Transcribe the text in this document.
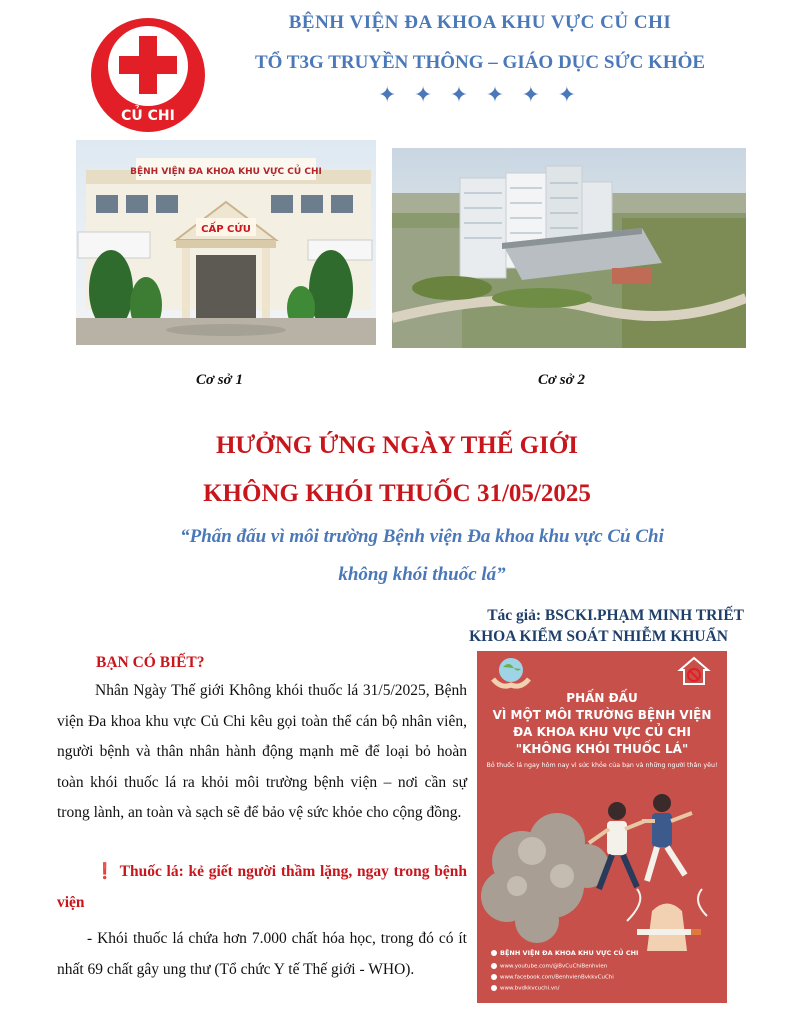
CỦ CHI
BỆNH VIỆN ĐA KHOA KHU VỰC CỦ CHI
TỔ T3G TRUYỀN THÔNG – GIÁO DỤC SỨC KHỎE
✦ ✦ ✦ ✦ ✦ ✦
BỆNH VIỆN ĐA KHOA KHU VỰC CỦ CHI
CẤP CỨU
Cơ sở 1	Cơ sở 2
HƯỞNG ỨNG NGÀY THẾ GIỚI
KHÔNG KHÓI THUỐC 31/05/2025
“Phấn đấu vì môi trường Bệnh viện Đa khoa khu vực Củ Chi
không khói thuốc lá”
Tác giả: BSCKI.PHẠM MINH TRIẾT
KHOA KIỂM SOÁT NHIỄM KHUẨN
BẠN CÓ BIẾT?
Nhân Ngày Thế giới Không khói thuốc lá 31/5/2025, Bệnh viện Đa khoa khu vực Củ Chi kêu gọi toàn thể cán bộ nhân viên, người bệnh và thân nhân hành động mạnh mẽ để loại bỏ hoàn toàn khói thuốc lá ra khỏi môi trường bệnh viện – nơi cần sự trong lành, an toàn và sạch sẽ để bảo vệ sức khỏe cho cộng đồng.
❗ Thuốc lá: kẻ giết người thầm lặng, ngay trong bệnh viện
- Khói thuốc lá chứa hơn 7.000 chất hóa học, trong đó có ít nhất 69 chất gây ung thư (Tổ chức Y tế Thế giới - WHO).
PHẤN ĐẤU
VÌ MỘT MÔI TRƯỜNG BỆNH VIỆN
ĐA KHOA KHU VỰC CỦ CHI
"KHÔNG KHÓI THUỐC LÁ"
Bỏ thuốc lá ngay hôm nay vì sức khỏe của bạn và những người thân yêu!
BỆNH VIỆN ĐA KHOA KHU VỰC CỦ CHI
www.youtube.com/@BvCuChiBenhvien
www.facebook.com/BenhvienBvkkvCuChi
www.bvdkkvcuchi.vn/
